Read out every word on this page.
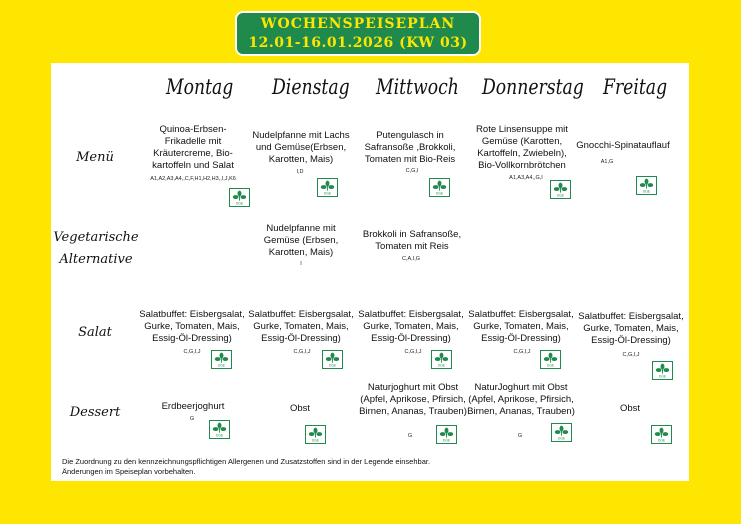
WOCHENSPEISEPLAN
12.01-16.01.2026 (KW 03)
Montag Dienstag Mittwoch Donnerstag Freitag
Menü
Vegetarische
Alternative
Salat
Dessert
Quinoa-Erbsen-Frikadelle mit Kräutercreme, Bio-kartoffeln und Salat
A1,A2,A3,A4,,C,F,H1,H2,H3,,I,J,K6
DGE
Nudelpfanne mit Lachs und Gemüse(Erbsen, Karotten, Mais)
I,D
DGE
Putengulasch in Safransoße ,Brokkoli, Tomaten mit Bio-Reis
C,G,I
DGE
Rote Linsensuppe mit Gemüse (Karotten, Kartoffeln, Zwiebeln), Bio-Vollkornbrötchen
A1,A3,A4,,G,I
DGE
Gnocchi-Spinatauflauf
A1,G
DGE
Nudelpfanne mit Gemüse (Erbsen, Karotten, Mais)
I
Brokkoli in Safransoße, Tomaten mit Reis
C,A,I,G
Salatbuffet: Eisbergsalat, Gurke, Tomaten, Mais, Essig-Öl-Dressing)
C,G,I,J
DGE
Salatbuffet: Eisbergsalat, Gurke, Tomaten, Mais, Essig-Öl-Dressing)
C,G,I,J
DGE
Salatbuffet: Eisbergsalat, Gurke, Tomaten, Mais, Essig-Öl-Dressing)
C,G,I,J
DGE
Salatbuffet: Eisbergsalat, Gurke, Tomaten, Mais, Essig-Öl-Dressing)
C,G,I,J
DGE
Salatbuffet: Eisbergsalat, Gurke, Tomaten, Mais, Essig-Öl-Dressing)
C,G,I,J
DGE
Erdbeerjoghurt
G
DGE
Obst
DGE
Naturjoghurt mit Obst (Apfel, Aprikose, Pfirsich, Birnen, Ananas, Trauben)
G
DGE
NaturJoghurt mit Obst (Apfel, Aprikose, Pfirsich, Birnen, Ananas, Trauben)
G	DGE
Obst
DGE
Die Zuordnung zu den kennzeichnungspflichtigen Allergenen und Zusatzstoffen sind in der Legende einsehbar.
Änderungen im Speiseplan vorbehalten.
